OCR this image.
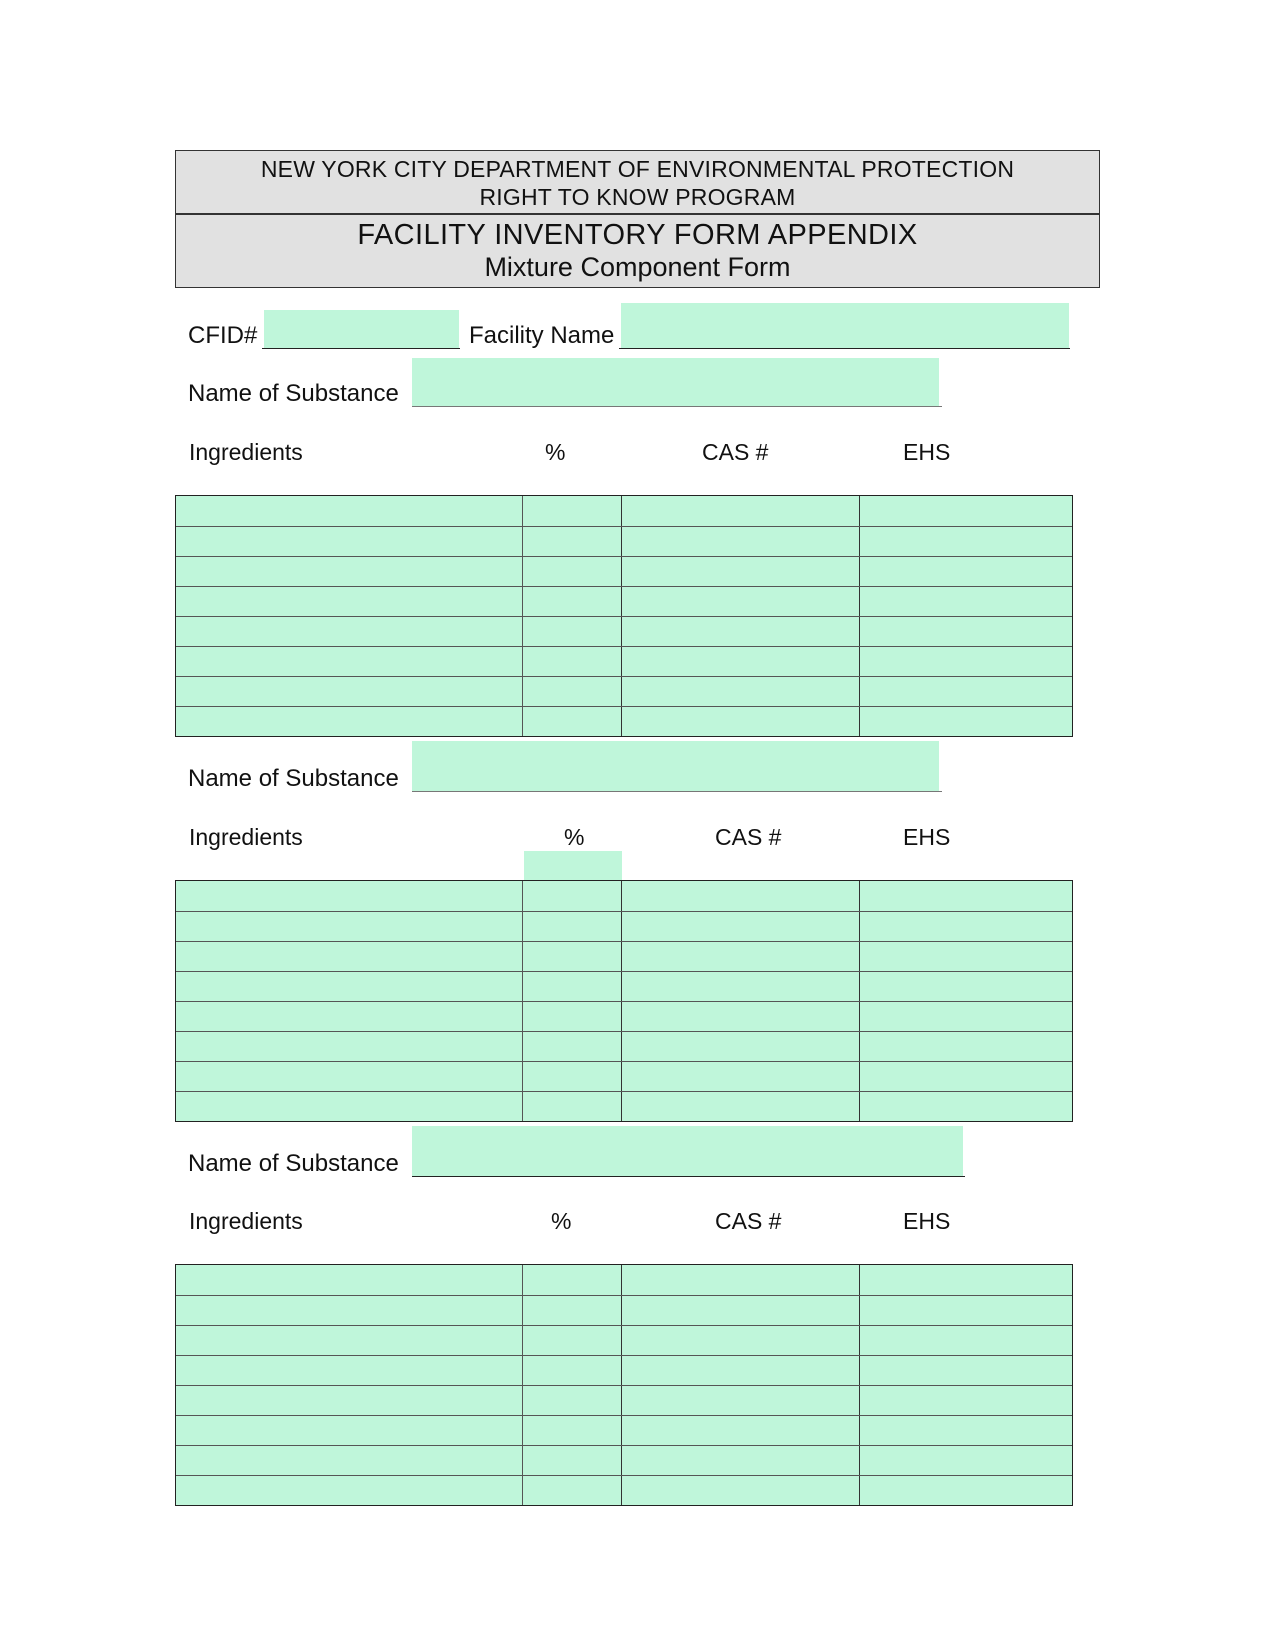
NEW YORK CITY DEPARTMENT OF ENVIRONMENTAL PROTECTION
RIGHT TO KNOW PROGRAM
FACILITY INVENTORY FORM APPENDIX
Mixture Component Form
CFID#	Facility Name
Name of Substance
Ingredients	%	CAS #	EHS
Name of Substance
Ingredients	%	CAS #	EHS
Name of Substance
Ingredients	%	CAS #	EHS
